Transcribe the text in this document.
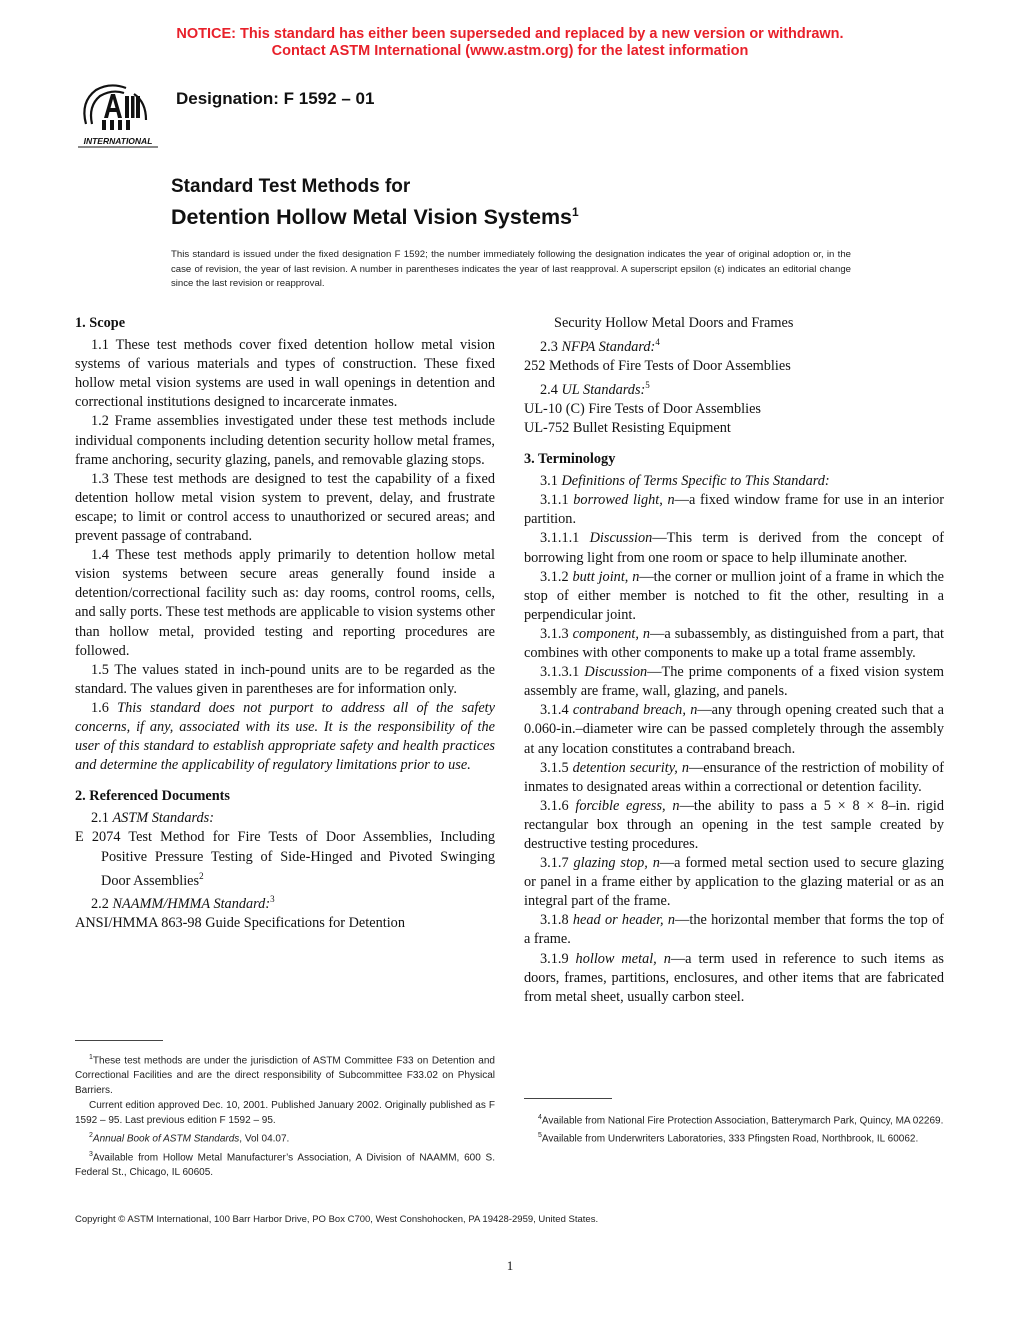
NOTICE: This standard has either been superseded and replaced by a new version or withdrawn.
Contact ASTM International (www.astm.org) for the latest information
INTERNATIONAL
Designation: F 1592 – 01
Standard Test Methods for
Detention Hollow Metal Vision Systems$^1$
This standard is issued under the fixed designation F 1592; the number immediately following the designation indicates the year of original adoption or, in the case of revision, the year of last revision. A number in parentheses indicates the year of last reapproval. A superscript epsilon (ε) indicates an editorial change since the last revision or reapproval.
1. Scope

1.1 These test methods cover fixed detention hollow metal vision systems of various materials and types of construction. These fixed hollow metal vision systems are used in wall openings in detention and correctional institutions designed to incarcerate inmates.

1.2 Frame assemblies investigated under these test methods include individual components including detention security hollow metal frames, frame anchoring, security glazing, panels, and removable glazing stops.

1.3 These test methods are designed to test the capability of a fixed detention hollow metal vision system to prevent, delay, and frustrate escape; to limit or control access to unauthorized or secured areas; and prevent passage of contraband.

1.4 These test methods apply primarily to detention hollow metal vision systems between secure areas generally found inside a detention/correctional facility such as: day rooms, control rooms, cells, and sally ports. These test methods are applicable to vision systems other than hollow metal, provided testing and reporting procedures are followed.

1.5 The values stated in inch-pound units are to be regarded as the standard. The values given in parentheses are for information only.

1.6 This standard does not purport to address all of the safety concerns, if any, associated with its use. It is the responsibility of the user of this standard to establish appropriate safety and health practices and determine the applicability of regulatory limitations prior to use.

2. Referenced Documents

2.1 ASTM Standards:

E 2074 Test Method for Fire Tests of Door Assemblies, Including Positive Pressure Testing of Side-Hinged and Pivoted Swinging Door Assemblies$^2$

2.2 NAAMM/HMMA Standard:$^3$

ANSI/HMMA 863-98 Guide Specifications for Detention

Security Hollow Metal Doors and Frames

2.3 NFPA Standard:$^4$

252 Methods of Fire Tests of Door Assemblies

2.4 UL Standards:$^5$

UL-10 (C) Fire Tests of Door Assemblies

UL-752 Bullet Resisting Equipment

3. Terminology

3.1 Definitions of Terms Specific to This Standard:

3.1.1 borrowed light, n—a fixed window frame for use in an interior partition.

3.1.1.1 Discussion—This term is derived from the concept of borrowing light from one room or space to help illuminate another.

3.1.2 butt joint, n—the corner or mullion joint of a frame in which the stop of either member is notched to fit the other, resulting in a perpendicular joint.

3.1.3 component, n—a subassembly, as distinguished from a part, that combines with other components to make up a total frame assembly.

3.1.3.1 Discussion—The prime components of a fixed vision system assembly are frame, wall, glazing, and panels.

3.1.4 contraband breach, n—any through opening created such that a 0.060-in.–diameter wire can be passed completely through the assembly at any location constitutes a contraband breach.

3.1.5 detention security, n—ensurance of the restriction of mobility of inmates to designated areas within a correctional or detention facility.

3.1.6 forcible egress, n—the ability to pass a 5 × 8 × 8–in. rigid rectangular box through an opening in the test sample created by destructive testing procedures.

3.1.7 glazing stop, n—a formed metal section used to secure glazing or panel in a frame either by application to the glazing material or as an integral part of the frame.

3.1.8 head or header, n—the horizontal member that forms the top of a frame.

3.1.9 hollow metal, n—a term used in reference to such items as doors, frames, partitions, enclosures, and other items that are fabricated from metal sheet, usually carbon steel.

$^1$These test methods are under the jurisdiction of ASTM Committee F33 on Detention and Correctional Facilities and are the direct responsibility of Subcommittee F33.02 on Physical Barriers.

Current edition approved Dec. 10, 2001. Published January 2002. Originally published as F 1592 – 95. Last previous edition F 1592 – 95.

$^2$Annual Book of ASTM Standards, Vol 04.07.

$^3$Available from Hollow Metal Manufacturer’s Association, A Division of NAAMM, 600 S. Federal St., Chicago, IL 60605.

$^4$Available from National Fire Protection Association, Batterymarch Park, Quincy, MA 02269.

$^5$Available from Underwriters Laboratories, 333 Pfingsten Road, Northbrook, IL 60062.

Copyright © ASTM International, 100 Barr Harbor Drive, PO Box C700, West Conshohocken, PA 19428-2959, United States.
1
